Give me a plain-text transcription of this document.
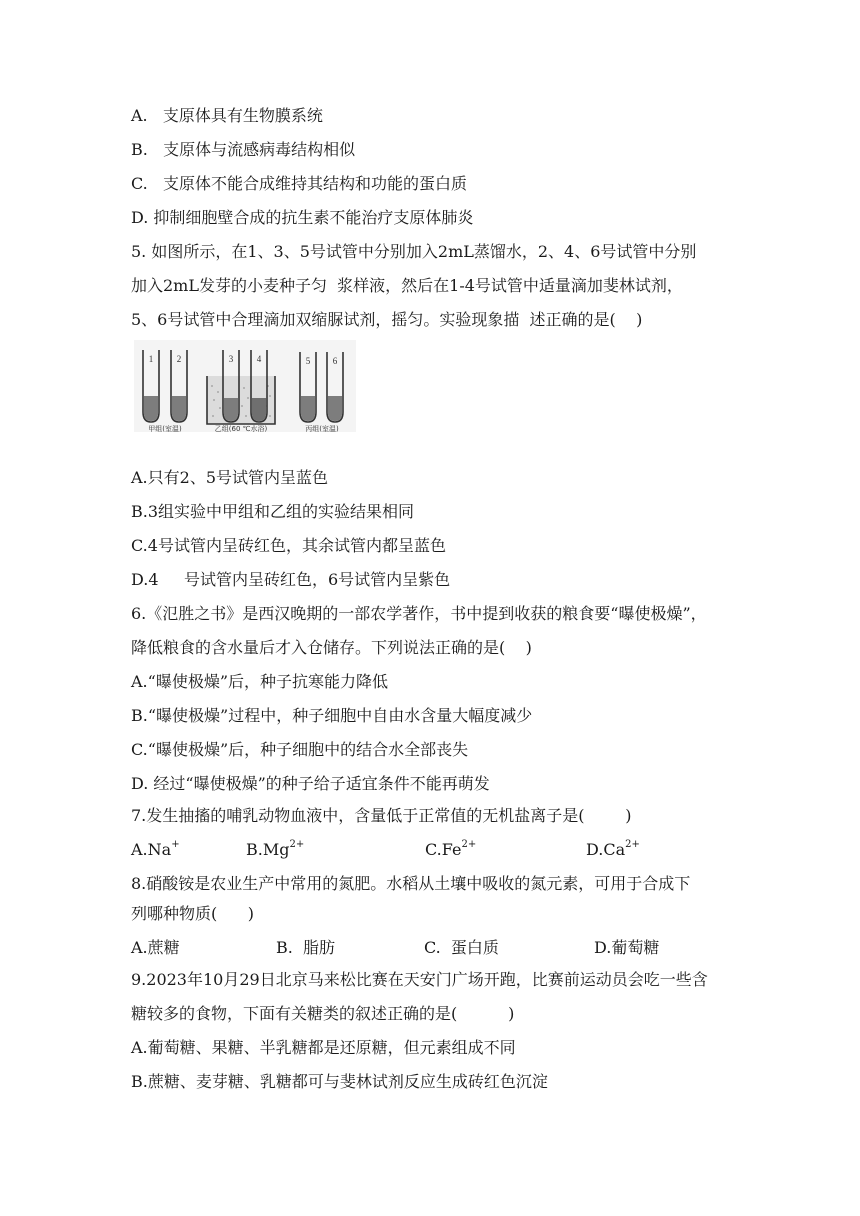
A.   支原体具有生物膜系统
B.   支原体与流感病毒结构相似
C.   支原体不能合成维持其结构和功能的蛋白质
D. 抑制细胞壁合成的抗生素不能治疗支原体肺炎
5. 如图所示，在1、3、5号试管中分别加入2mL蒸馏水，2、4、6号试管中分别
加入2mL发芽的小麦种子匀  浆样液，然后在1-4号试管中适量滴加斐林试剂，
5、6号试管中合理滴加双缩脲试剂，摇匀。实验现象描  述正确的是(    )
1	2	3	4	5	6
甲组(室温)	乙组(60 ℃水浴)	丙组(室温)
A.只有2、5号试管内呈蓝色
B.3组实验中甲组和乙组的实验结果相同
C.4号试管内呈砖红色，其余试管内都呈蓝色
D.4     号试管内呈砖红色，6号试管内呈紫色
6.《氾胜之书》是西汉晚期的一部农学著作，书中提到收获的粮食要“曝使极燥”，
降低粮食的含水量后才入仓储存。下列说法正确的是(    )
A.“曝使极燥”后，种子抗寒能力降低
B.“曝使极燥”过程中，种子细胞中自由水含量大幅度减少
C.“曝使极燥”后，种子细胞中的结合水全部丧失
D. 经过“曝使极燥”的种子给子适宜条件不能再萌发
7.发生抽搐的哺乳动物血液中，含量低于正常值的无机盐离子是(        )
A.Na+	$B.Mg^{2+}$	$C.Fe^{2+}$	$D.Ca^{2+}$
8.硝酸铵是农业生产中常用的氮肥。水稻从土壤中吸收的氮元素，可用于合成下
列哪种物质(      )
A.蔗糖	B.  脂肪	C.  蛋白质	D.葡萄糖
9.2023年10月29日北京马来松比赛在天安门广场开跑，比赛前运动员会吃一些含
糖较多的食物，下面有关糖类的叙述正确的是(          )
A.葡萄糖、果糖、半乳糖都是还原糖，但元素组成不同
B.蔗糖、麦芽糖、乳糖都可与斐林试剂反应生成砖红色沉淀
